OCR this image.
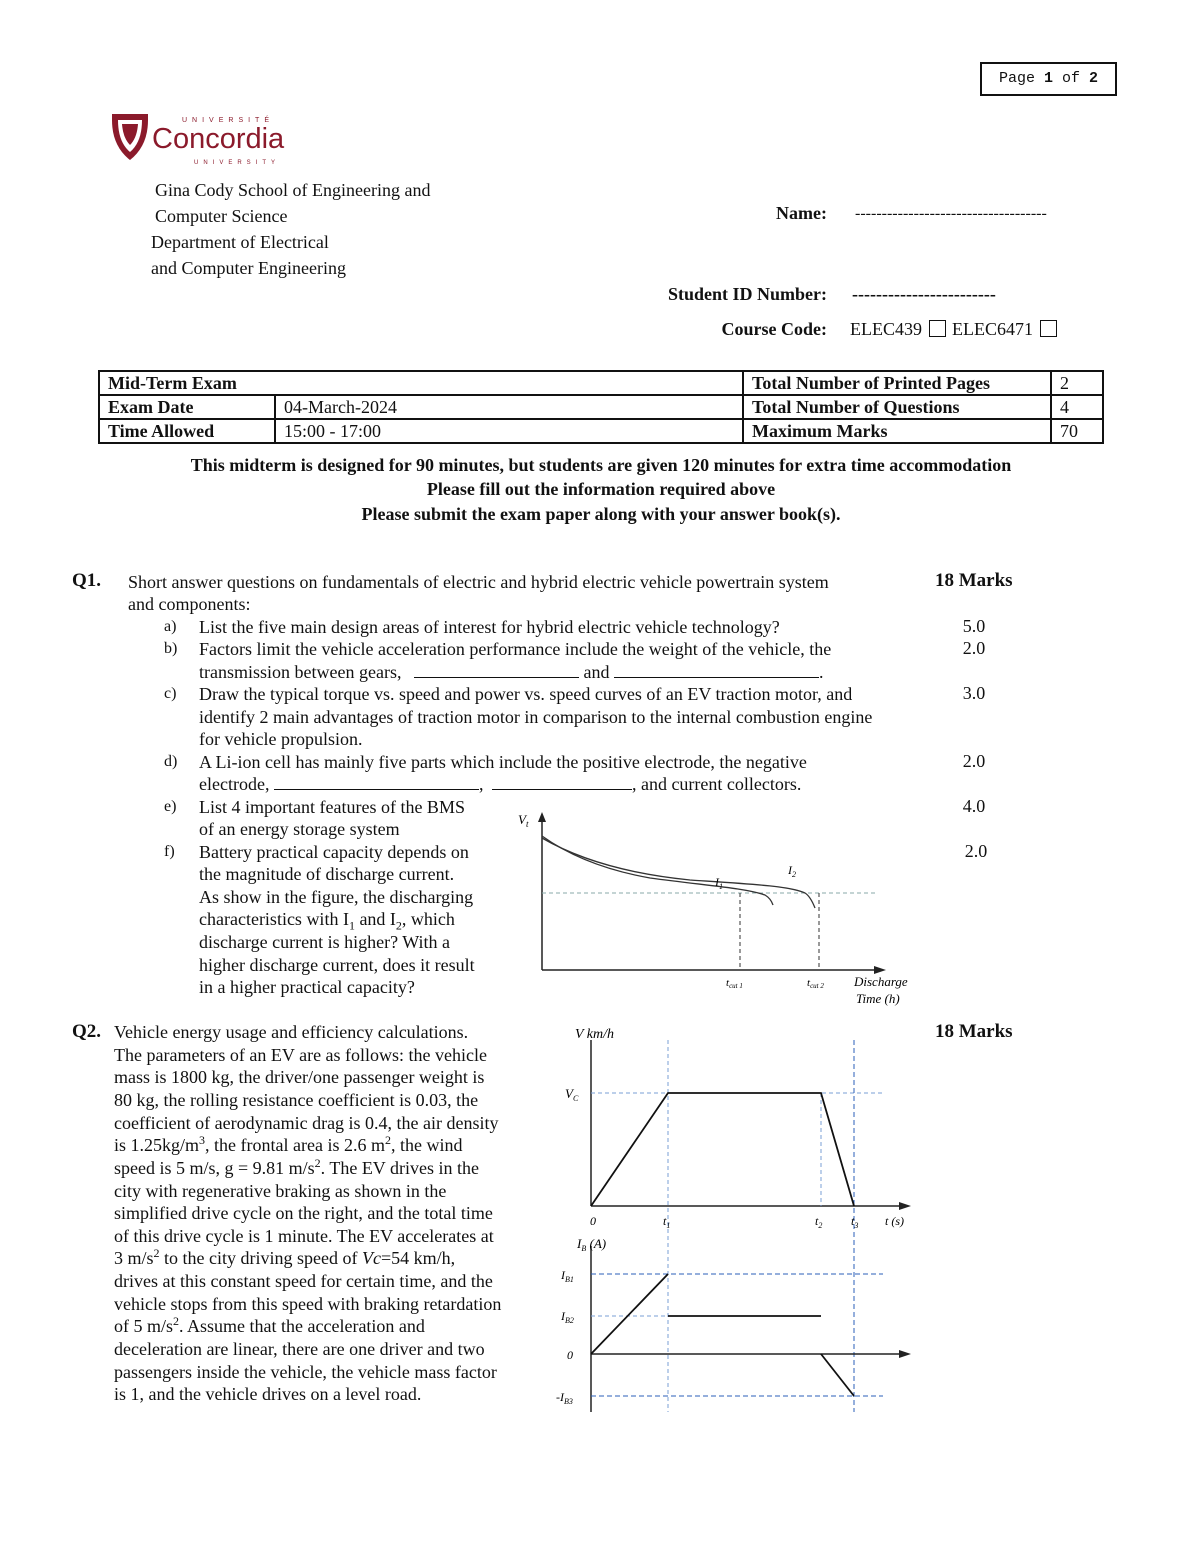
Page 1 of 2
UNIVERSITÉ
Concordia
UNIVERSITY
Gina Cody School of Engineering and
Computer Science
Department of Electrical
and Computer Engineering
Name: ------------------------------------
Student ID Number: ------------------------
Course Code: ELEC439 ELEC6471
Mid-Term Exam		Total Number of Printed Pages	2
Exam Date	04-March-2024	Total Number of Questions	4
Time Allowed	15:00 - 17:00	Maximum Marks	70
This midterm is designed for 90 minutes, but students are given 120 minutes for extra time accommodation
Please fill out the information required above
Please submit the exam paper along with your answer book(s).
Q1.	18 Marks
Short answer questions on fundamentals of electric and hybrid electric vehicle powertrain system
and components:
a)	List the five main design areas of interest for hybrid electric vehicle technology?	5.0
b)	Factors limit the vehicle acceleration performance include the weight of the vehicle, the	2.0
transmission between gears,	and	.
c)	Draw the typical torque vs. speed and power vs. speed curves of an EV traction motor, and
identify 2 main advantages of traction motor in comparison to the internal combustion engine
for vehicle propulsion.
3.0
d)	A Li-ion cell has mainly five parts which include the positive electrode, the negative	2.0
electrode,	,	, and current collectors.
e)	List 4 important features of the BMS
of an energy storage system
4.0
f)	Battery practical capacity depends on
the magnitude of discharge current.
As show in the figure, the discharging
characteristics with $I_1$ and $I_2$, which
discharge current is higher? With a
higher discharge current, does it result
in a higher practical capacity?
2.0
$V_t$
$I_1$
$I_2$
tcut 1	tcut 2 Discharge
Time (h)
Q2.	18 Marks
Vehicle energy usage and efficiency calculations.
The parameters of an EV are as follows: the vehicle
mass is 1800 kg, the driver/one passenger weight is
80 kg, the rolling resistance coefficient is 0.03, the
coefficient of aerodynamic drag is 0.4, the air density
is $1.25kg/m^3$, the frontal area is 2.6 $m^2$, the wind
speed is 5 m/s, g = 9.81 $m/s^2$. The EV drives in the
city with regenerative braking as shown in the
simplified drive cycle on the right, and the total time
of this drive cycle is 1 minute. The EV accelerates at
3 $m/s^2$ to the city driving speed of Vc=54 km/h,
drives at this constant speed for certain time, and the
vehicle stops from this speed with braking retardation
of 5 $m/s^2$. Assume that the acceleration and
deceleration are linear, there are one driver and two
passengers inside the vehicle, the vehicle mass factor
is 1, and the vehicle drives on a level road.
V km/h
$V_C$
0	$t_1$	$t_2$ $t_3$ t (s)
$I_B$ (A)
$I_{B1}$
$I_{B2}$
0
$-I_{B3}$
